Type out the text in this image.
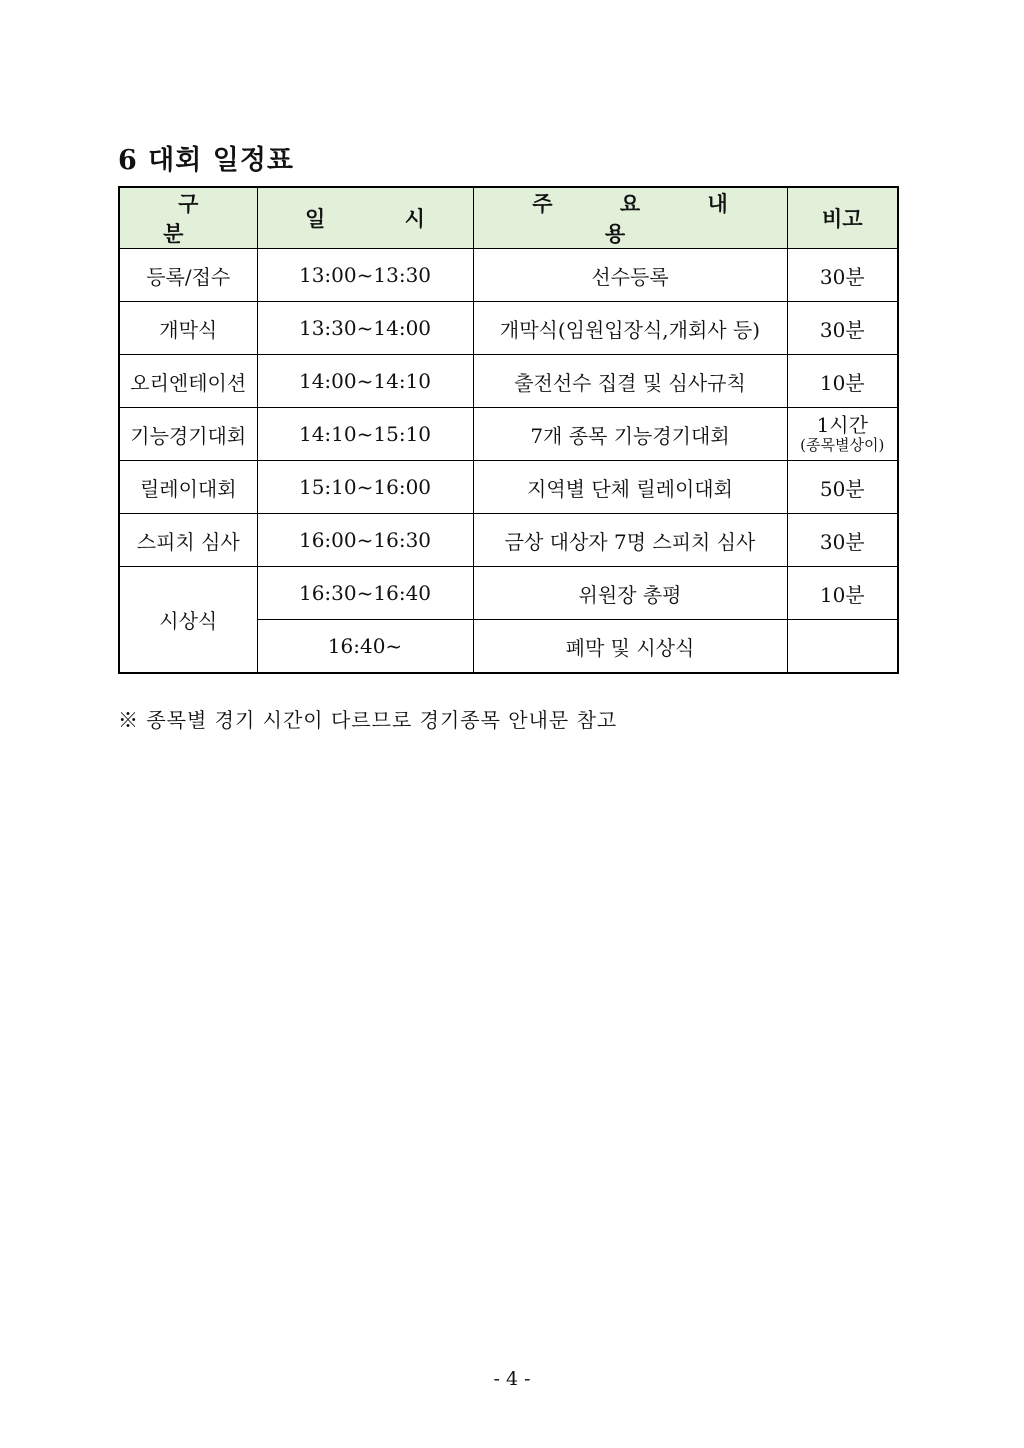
6 대회 일정표
구 분	일 시	주 요 내 용	비고
등록/접수	13:00~13:30	선수등록	30분
개막식	13:30~14:00	개막식(임원입장식,개회사 등)	30분
오리엔테이션	14:00~14:10	출전선수 집결 및 심사규칙	10분
기능경기대회	14:10~15:10	7개 종목 기능경기대회	1시간
(종목별상이)

릴레이대회	15:10~16:00	지역별 단체 릴레이대회	50분
스피치 심사	16:00~16:30	금상 대상자 7명 스피치 심사	30분
시상식	16:30~16:40	위원장 총평	10분
	16:40~	폐막 및 시상식	
※ 종목별 경기 시간이 다르므로 경기종목 안내문 참고
- 4 -
